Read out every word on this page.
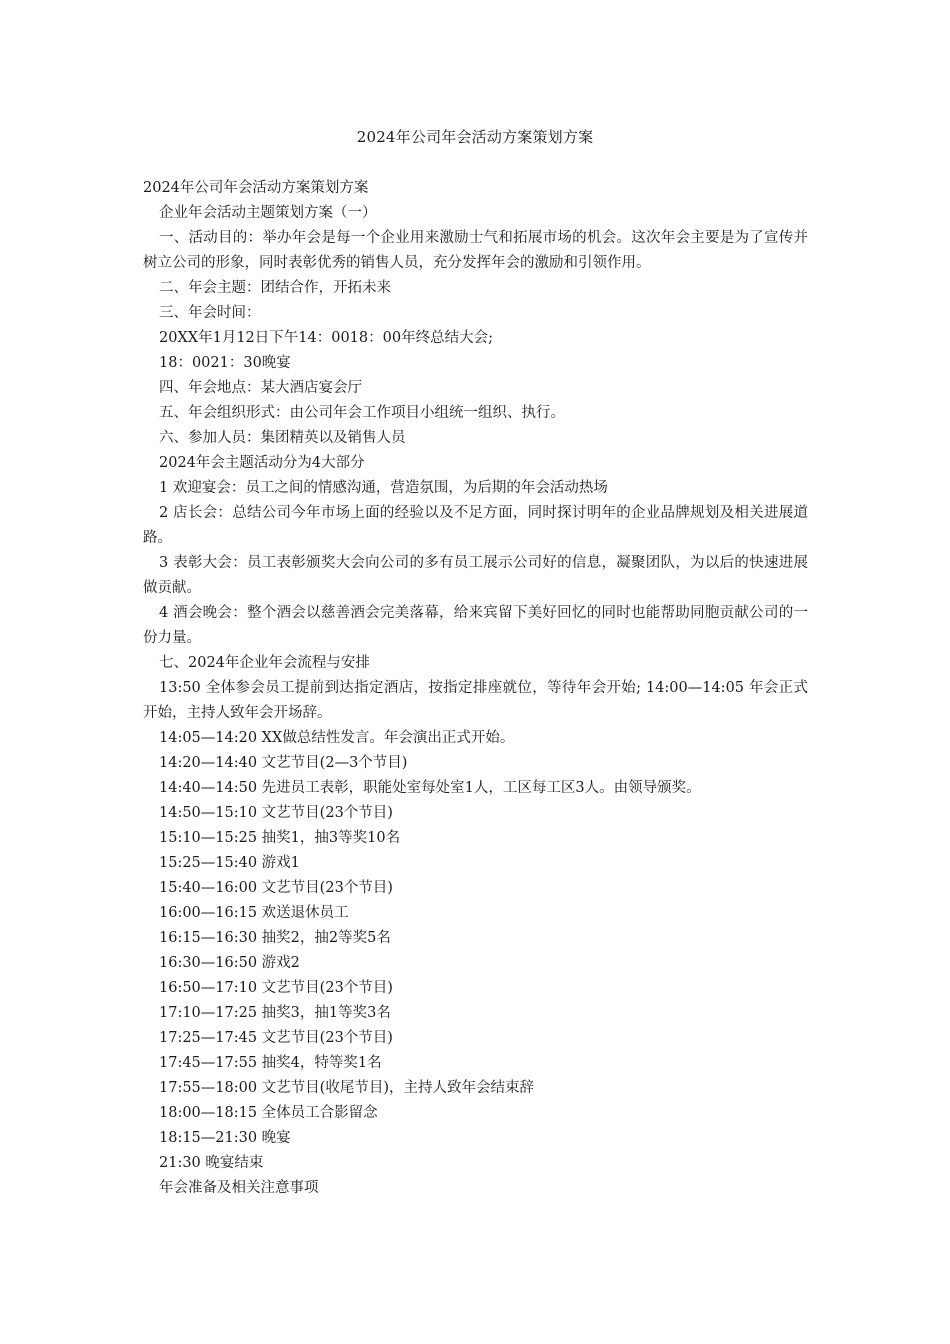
2024年公司年会活动方案策划方案
2024年公司年会活动方案策划方案
企业年会活动主题策划方案（一）
一、活动目的：举办年会是每一个企业用来激励士气和拓展市场的机会。这次年会主要是为了宣传并树立公司的形象，同时表彰优秀的销售人员，充分发挥年会的激励和引领作用。
二、年会主题：团结合作，开拓未来
三、年会时间：
20XX年1月12日下午14：0018：00年终总结大会;
18：0021：30晚宴
四、年会地点：某大酒店宴会厅
五、年会组织形式：由公司年会工作项目小组统一组织、执行。
六、参加人员：集团精英以及销售人员
2024年会主题活动分为4大部分
1 欢迎宴会：员工之间的情感沟通，营造氛围，为后期的年会活动热场
2 店长会：总结公司今年市场上面的经验以及不足方面，同时探讨明年的企业品牌规划及相关进展道路。
3 表彰大会：员工表彰颁奖大会向公司的多有员工展示公司好的信息，凝聚团队，为以后的快速进展做贡献。
4 酒会晚会：整个酒会以慈善酒会完美落幕，给来宾留下美好回忆的同时也能帮助同胞贡献公司的一份力量。
七、2024年企业年会流程与安排
13:50 全体参会员工提前到达指定酒店，按指定排座就位，等待年会开始; 14:00—14:05 年会正式开始，主持人致年会开场辞。
14:05—14:20 XX做总结性发言。年会演出正式开始。
14:20—14:40 文艺节目(2—3个节目)
14:40—14:50 先进员工表彰，职能处室每处室1人，工区每工区3人。由领导颁奖。
14:50—15:10 文艺节目(23个节目)
15:10—15:25 抽奖1，抽3等奖10名
15:25—15:40 游戏1
15:40—16:00 文艺节目(23个节目)
16:00—16:15 欢送退休员工
16:15—16:30 抽奖2，抽2等奖5名
16:30—16:50 游戏2
16:50—17:10 文艺节目(23个节目)
17:10—17:25 抽奖3，抽1等奖3名
17:25—17:45 文艺节目(23个节目)
17:45—17:55 抽奖4，特等奖1名
17:55—18:00 文艺节目(收尾节目)，主持人致年会结束辞
18:00—18:15 全体员工合影留念
18:15—21:30 晚宴
21:30 晚宴结束
年会准备及相关注意事项
